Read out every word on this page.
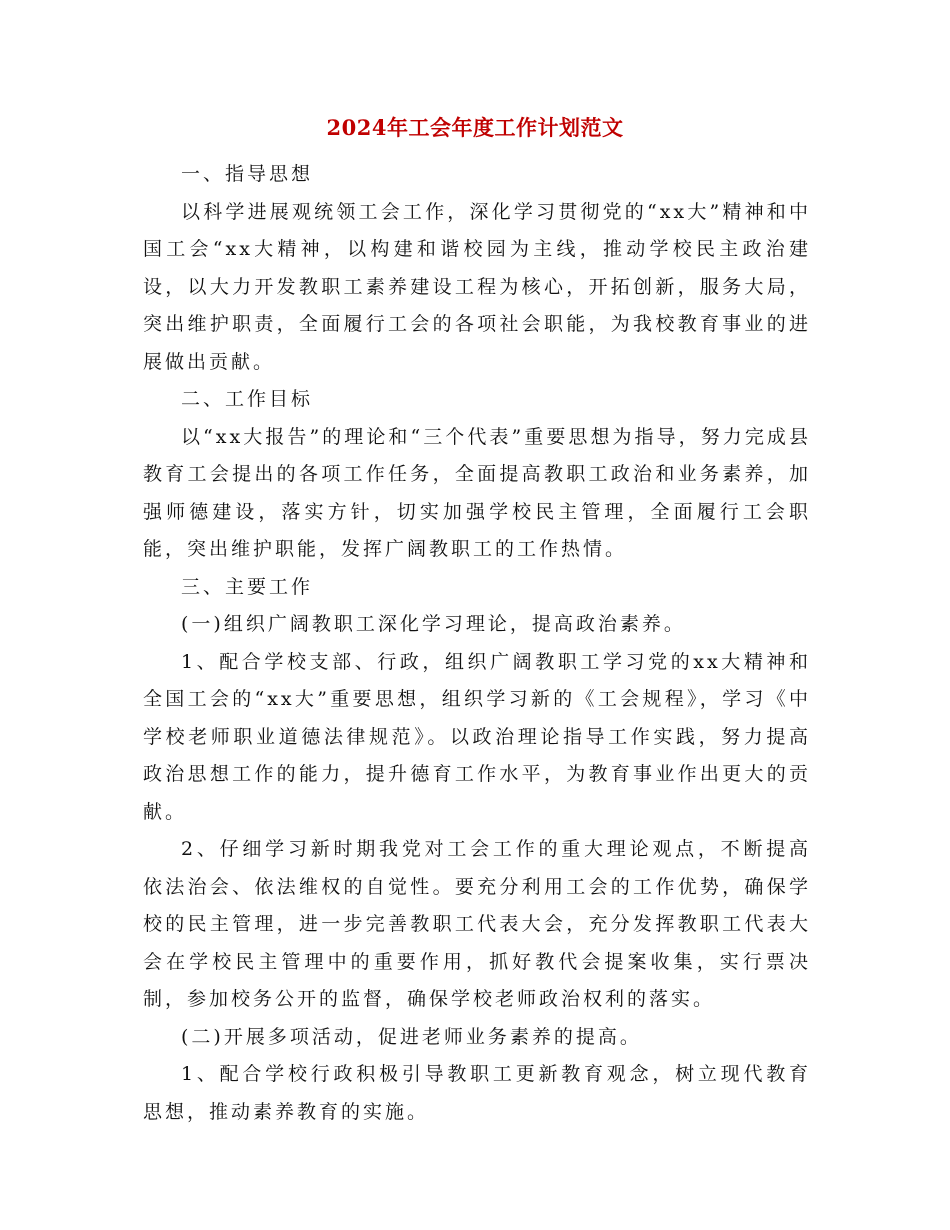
2024年工会年度工作计划范文

一、指导思想

以科学进展观统领工会工作，深化学习贯彻党的“xx大”精神和中国工会“xx大精神，以构建和谐校园为主线，推动学校民主政治建设，以大力开发教职工素养建设工程为核心，开拓创新，服务大局，突出维护职责，全面履行工会的各项社会职能，为我校教育事业的进展做出贡献。

二、工作目标

以“xx大报告”的理论和“三个代表”重要思想为指导，努力完成县教育工会提出的各项工作任务，全面提高教职工政治和业务素养，加强师德建设，落实方针，切实加强学校民主管理，全面履行工会职能，突出维护职能，发挥广阔教职工的工作热情。

三、主要工作

(一)组织广阔教职工深化学习理论，提高政治素养。

1、配合学校支部、行政，组织广阔教职工学习党的xx大精神和全国工会的“xx大”重要思想，组织学习新的《工会规程》，学习《中学校老师职业道德法律规范》。以政治理论指导工作实践，努力提高政治思想工作的能力，提升德育工作水平，为教育事业作出更大的贡献。

2、仔细学习新时期我党对工会工作的重大理论观点，不断提高依法治会、依法维权的自觉性。要充分利用工会的工作优势，确保学校的民主管理，进一步完善教职工代表大会，充分发挥教职工代表大会在学校民主管理中的重要作用，抓好教代会提案收集，实行票决制，参加校务公开的监督，确保学校老师政治权利的落实。

(二)开展多项活动，促进老师业务素养的提高。

1、配合学校行政积极引导教职工更新教育观念，树立现代教育思想，推动素养教育的实施。
